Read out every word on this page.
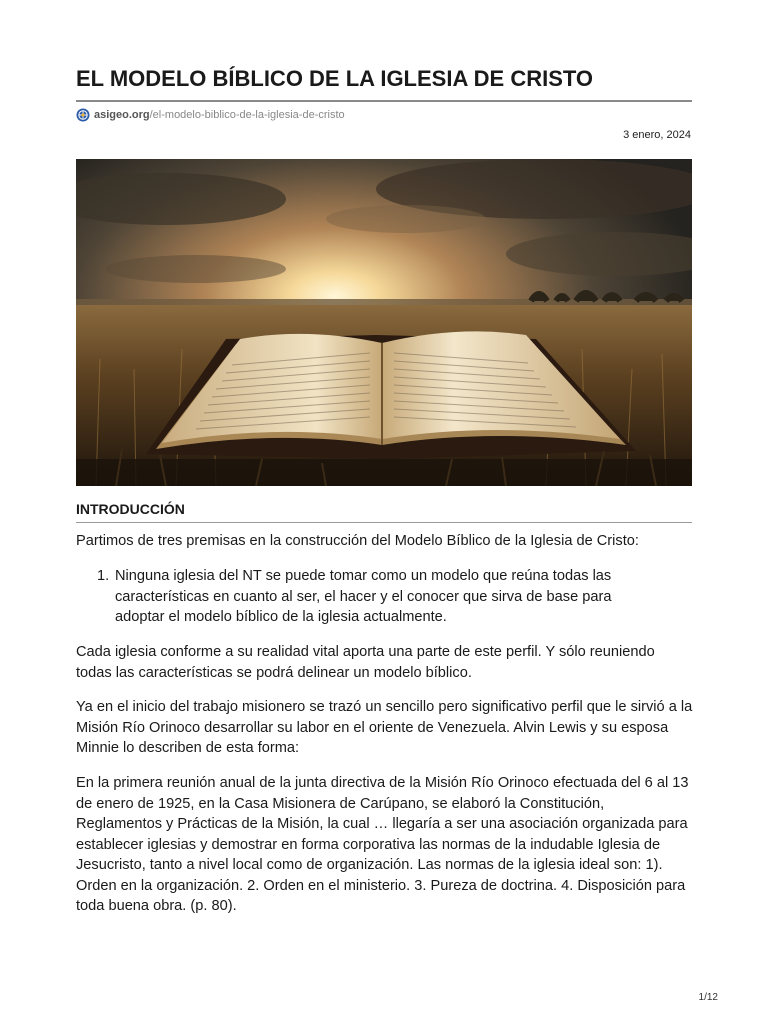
EL MODELO BÍBLICO DE LA IGLESIA DE CRISTO
asigeo.org /el-modelo-biblico-de-la-iglesia-de-cristo
3 enero, 2024
INTRODUCCIÓN

Partimos de tres premisas en la construcción del Modelo Bíblico de la Iglesia de Cristo:

1. Ninguna iglesia del NT se puede tomar como un modelo que reúna todas las características en cuanto al ser, el hacer y el conocer que sirva de base para adoptar el modelo bíblico de la iglesia actualmente.

Cada iglesia conforme a su realidad vital aporta una parte de este perfil. Y sólo reuniendo todas las características se podrá delinear un modelo bíblico.

Ya en el inicio del trabajo misionero se trazó un sencillo pero significativo perfil que le sirvió a la Misión Río Orinoco desarrollar su labor en el oriente de Venezuela. Alvin Lewis y su esposa Minnie lo describen de esta forma:

En la primera reunión anual de la junta directiva de la Misión Río Orinoco efectuada del 6 al 13 de enero de 1925, en la Casa Misionera de Carúpano, se elaboró la Constitución, Reglamentos y Prácticas de la Misión, la cual … llegaría a ser una asociación organizada para establecer iglesias y demostrar en forma corporativa las normas de la indudable Iglesia de Jesucristo, tanto a nivel local como de organización. Las normas de la iglesia ideal son: 1). Orden en la organización. 2. Orden en el ministerio. 3. Pureza de doctrina. 4. Disposición para toda buena obra. (p. 80).

1/12
